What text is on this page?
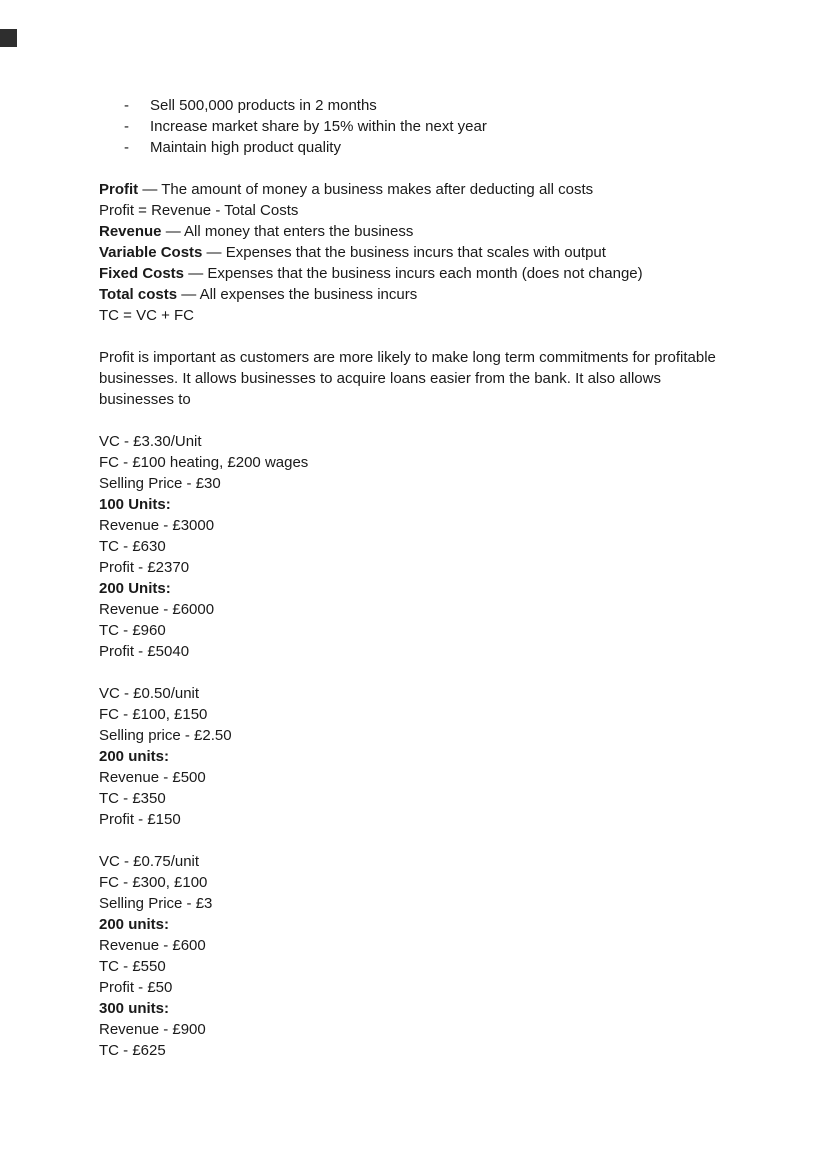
-	Sell 500,000 products in 2 months
-	Increase market share by 15% within the next year
-	Maintain high product quality
Profit — The amount of money a business makes after deducting all costs
Profit = Revenue - Total Costs
Revenue — All money that enters the business
Variable Costs — Expenses that the business incurs that scales with output
Fixed Costs — Expenses that the business incurs each month (does not change)
Total costs — All expenses the business incurs
TC = VC + FC

Profit is important as customers are more likely to make long term commitments for profitable businesses. It allows businesses to acquire loans easier from the bank. It also allows businesses to

VC - £3.30/Unit
FC - £100 heating, £200 wages
Selling Price - £30
100 Units:
Revenue - £3000
TC - £630
Profit - £2370
200 Units:
Revenue - £6000
TC - £960
Profit - £5040
VC - £0.50/unit
FC - £100, £150
Selling price - £2.50
200 units:
Revenue - £500
TC - £350
Profit - £150
VC - £0.75/unit
FC - £300, £100
Selling Price - £3
200 units:
Revenue - £600
TC - £550
Profit - £50
300 units:
Revenue - £900
TC - £625
